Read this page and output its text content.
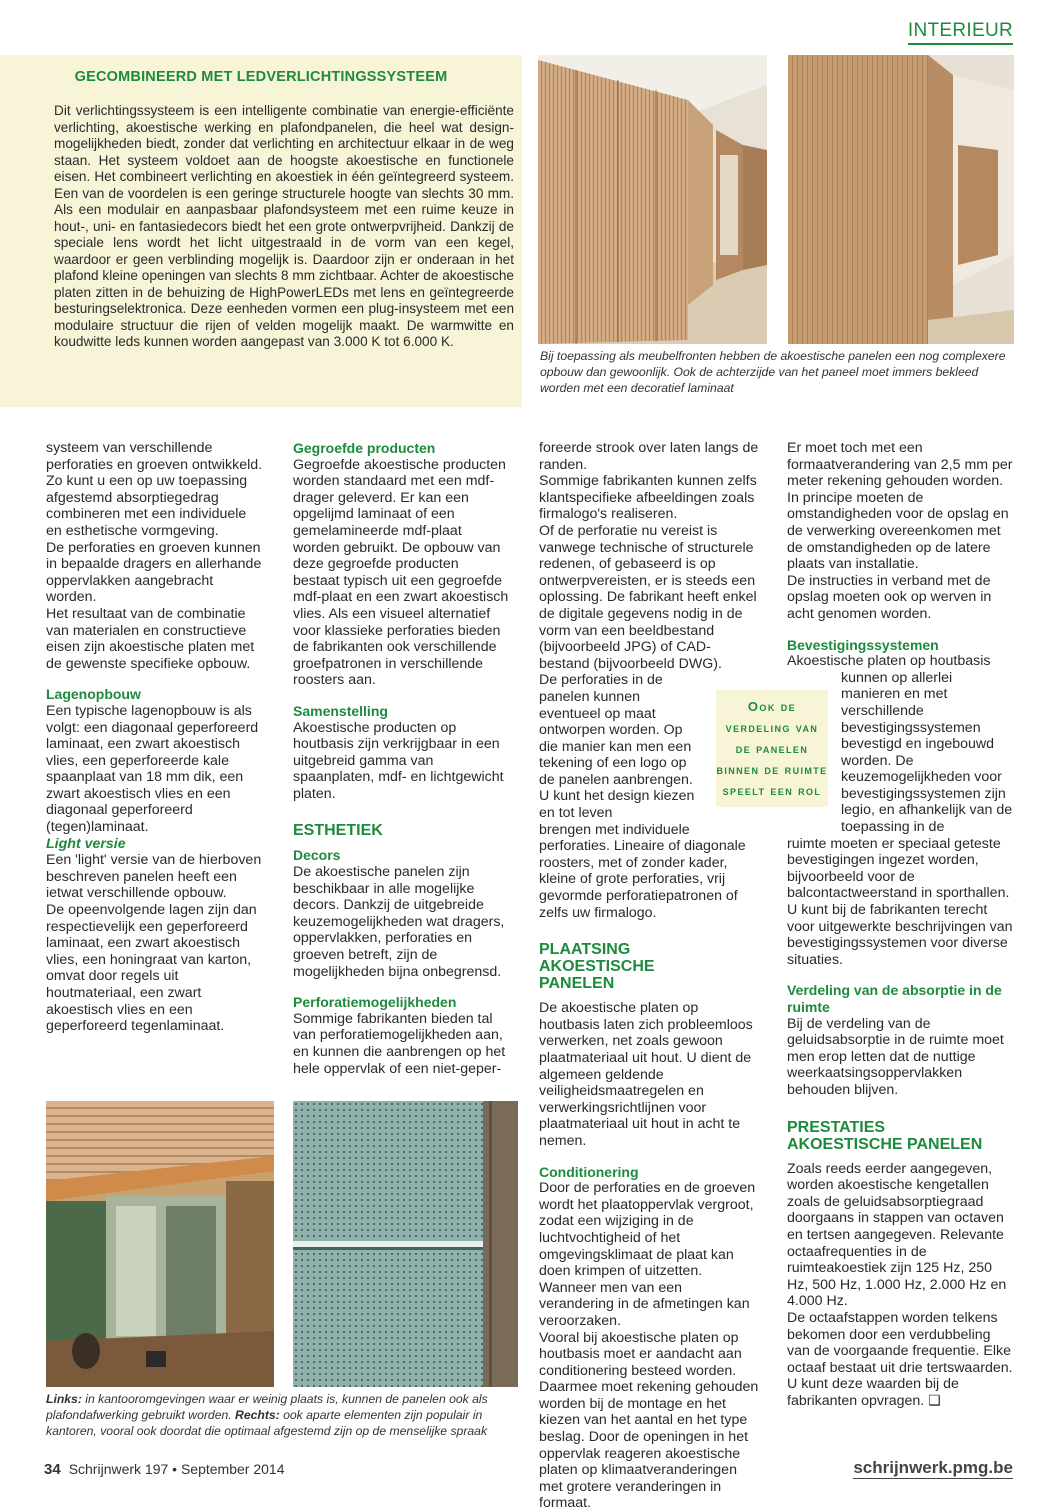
INTERIEUR
GECOMBINEERD MET LEDVERLICHTINGSSYSTEEM

Dit verlichtingssysteem is een intelligente combinatie van energie-efficiënte verlichting, akoestische werking en plafondpanelen, die heel wat design-mogelijkheden biedt, zonder dat verlichting en architectuur elkaar in de weg staan. Het systeem voldoet aan de hoogste akoestische en functionele eisen. Het combineert verlichting en akoestiek in één geïntegreerd systeem. Een van de voordelen is een geringe structurele hoogte van slechts 30 mm. Als een modulair en aanpasbaar plafondsysteem met een ruime keuze in hout-, uni- en fantasiedecors biedt het een grote ontwerpvrijheid. Dankzij de speciale lens wordt het licht uitgestraald in de vorm van een kegel, waardoor er geen verblinding mogelijk is. Daardoor zijn er onderaan in het plafond kleine openingen van slechts 8 mm zichtbaar. Achter de akoestische platen zitten in de behuizing de HighPowerLEDs met lens en geïntegreerde besturingselektronica. Deze eenheden vormen een plug-insysteem met een modulaire structuur die rijen of velden mogelijk maakt. De warmwitte en koudwitte leds kunnen worden aangepast van 3.000 K tot 6.000 K.

Bij toepassing als meubelfronten hebben de akoestische panelen een nog complexere opbouw dan gewoonlijk. Ook de achterzijde van het paneel moet immers bekleed worden met een decoratief laminaat

systeem van verschillende perforaties en groeven ontwikkeld. Zo kunt u een op uw toepassing afgestemd absorptiegedrag combineren met een individuele en esthetische vormgeving.

De perforaties en groeven kunnen in bepaalde dragers en allerhande oppervlakken aangebracht worden.

Het resultaat van de combinatie van materialen en constructieve eisen zijn akoestische platen met de gewenste specifieke opbouw.

Lagenopbouw

Een typische lagenopbouw is als volgt: een diagonaal geperforeerd laminaat, een zwart akoestisch vlies, een geperforeerde kale spaanplaat van 18 mm dik, een zwart akoestisch vlies en een diagonaal geperforeerd (tegen)laminaat.

Light versie

Een 'light' versie van de hierboven beschreven panelen heeft een ietwat verschillende opbouw.

De opeenvolgende lagen zijn dan respectievelijk een geperforeerd laminaat, een zwart akoestisch vlies, een honingraat van karton, omvat door regels uit houtmateriaal, een zwart akoestisch vlies en een geperforeerd tegenlaminaat.

Gegroefde producten

Gegroefde akoestische producten worden standaard met een mdf-drager geleverd. Er kan een opgelijmd laminaat of een gemelamineerde mdf-plaat worden gebruikt. De opbouw van deze gegroefde producten bestaat typisch uit een gegroefde mdf-plaat en een zwart akoestisch vlies. Als een visueel alternatief voor klassieke perforaties bieden de fabrikanten ook verschillende groefpatronen in verschillende roosters aan.

Samenstelling

Akoestische producten op houtbasis zijn verkrijgbaar in een uitgebreid gamma van spaanplaten, mdf- en lichtgewicht platen.

ESTHETIEK
Decors

De akoestische panelen zijn beschikbaar in alle mogelijke decors. Dankzij de uitgebreide keuzemogelijkheden wat dragers, oppervlakken, perforaties en groeven betreft, zijn de mogelijkheden bijna onbegrensd.

Perforatiemogelijkheden

Sommige fabrikanten bieden tal van perforatiemogelijkheden aan, en kunnen die aanbrengen op het hele oppervlak of een niet-geper-

foreerde strook over laten langs de randen.

Sommige fabrikanten kunnen zelfs klantspecifieke afbeeldingen zoals firmalogo's realiseren.

Of de perforatie nu vereist is vanwege technische of structurele redenen, of gebaseerd is op ontwerpvereisten, er is steeds een oplossing. De fabrikant heeft enkel de digitale gegevens nodig in de vorm van een beeldbestand (bijvoorbeeld JPG) of CAD-bestand (bijvoorbeeld DWG).

De perforaties in de panelen kunnen eventueel op maat ontworpen worden. Op die manier kan men een tekening of een logo op de panelen aanbrengen. U kunt het design kiezen en tot leven

brengen met individuele perforaties. Lineaire of diagonale roosters, met of zonder kader, kleine of grote perforaties, vrij gevormde perforatiepatronen of zelfs uw firmalogo.

PLAATSING AKOESTISCHE PANELEN

De akoestische platen op houtbasis laten zich probleemloos verwerken, net zoals gewoon plaatmateriaal uit hout. U dient de algemeen geldende veiligheidsmaatregelen en verwerkingsrichtlijnen voor plaatmateriaal uit hout in acht te nemen.

Conditionering

Door de perforaties en de groeven wordt het plaatoppervlak vergroot, zodat een wijziging in de luchtvochtigheid of het omgevingsklimaat de plaat kan doen krimpen of uitzetten. Wanneer men van een verandering in de afmetingen kan veroorzaken.

Vooral bij akoestische platen op houtbasis moet er aandacht aan conditionering besteed worden. Daarmee moet rekening gehouden worden bij de montage en het kiezen van het aantal en het type beslag. Door de openingen in het oppervlak reageren akoestische platen op klimaatveranderingen met grotere veranderingen in formaat.

Ook de verdeling van de panelen binnen de ruimte speelt een rol

Er moet toch met een formaatverandering van 2,5 mm per meter rekening gehouden worden.

In principe moeten de omstandigheden voor de opslag en de verwerking overeenkomen met de omstandigheden op de latere plaats van installatie.

De instructies in verband met de opslag moeten ook op werven in acht genomen worden.

Bevestigingssystemen

Akoestische platen op houtbasis

kunnen op allerlei manieren en met verschillende bevestigingssystemen bevestigd en ingebouwd worden. De keuzemogelijkheden voor bevestigingssystemen zijn legio, en afhankelijk van de toepassing in de

ruimte moeten er speciaal geteste bevestigingen ingezet worden, bijvoorbeeld voor de balcontactweerstand in sporthallen.

U kunt bij de fabrikanten terecht voor uitgewerkte beschrijvingen van bevestigingssystemen voor diverse situaties.

Verdeling van de absorptie in de ruimte

Bij de verdeling van de geluidsabsorptie in de ruimte moet men erop letten dat de nuttige weerkaatsingsoppervlakken behouden blijven.

PRESTATIES AKOESTISCHE PANELEN

Zoals reeds eerder aangegeven, worden akoestische kengetallen zoals de geluidsabsorptiegraad doorgaans in stappen van octaven en tertsen aangegeven. Relevante octaafrequenties in de ruimteakoestiek zijn 125 Hz, 250 Hz, 500 Hz, 1.000 Hz, 2.000 Hz en 4.000 Hz.

De octaafstappen worden telkens bekomen door een verdubbeling van de voorgaande frequentie. Elke octaaf bestaat uit drie tertswaarden. U kunt deze waarden bij de fabrikanten opvragen. ❑

Links: in kantooromgevingen waar er weinig plaats is, kunnen de panelen ook als plafondafwerking gebruikt worden. Rechts: ook aparte elementen zijn populair in kantoren, vooral ook doordat die optimaal afgestemd zijn op de menselijke spraak
34 Schrijnwerk 197 • September 2014	schrijnwerk.pmg.be
